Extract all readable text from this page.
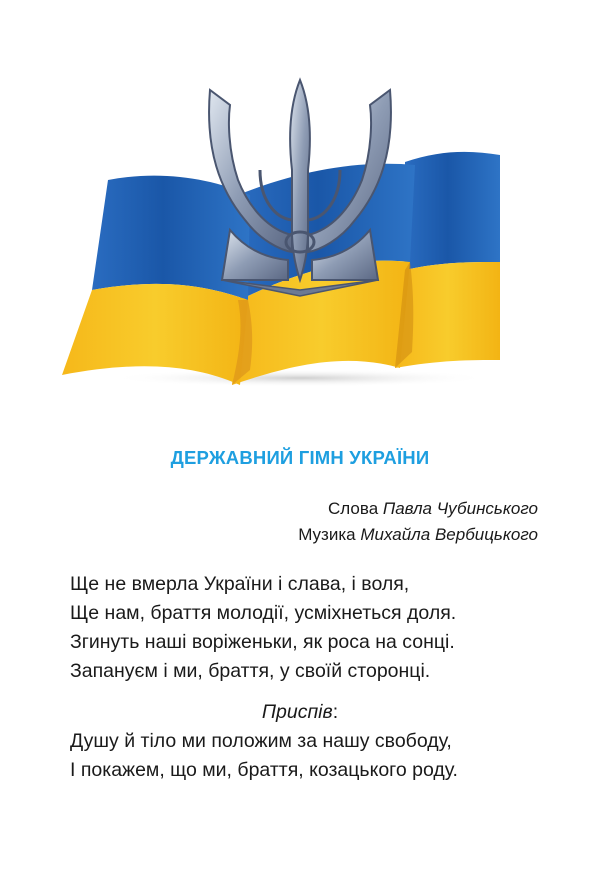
ДЕРЖАВНИЙ ГІМН УКРАЇНИ
Слова Павла Чубинського
Музика Михайла Вербицького
Ще не вмерла України і слава, і воля,
Ще нам, браття молодії, усміхнеться доля.
Згинуть наші воріженьки, як роса на сонці.
Запануєм і ми, браття, у своїй сторонці.
Приспів:
Душу й тіло ми положим за нашу свободу,
І покажем, що ми, браття, козацького роду.
